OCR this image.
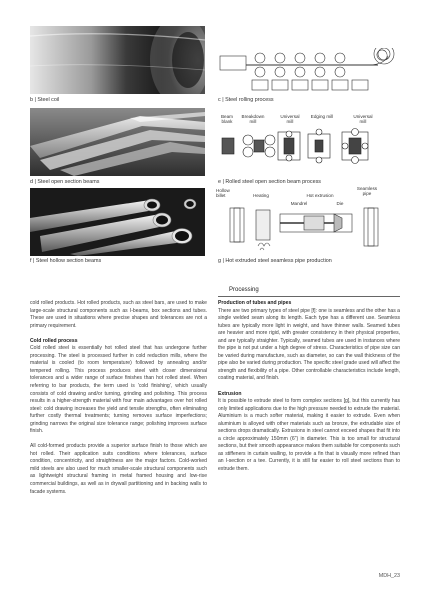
b | Steel coil
d | Steel open section beams
f | Steel hollow section beams
c | Steel rolling process
Beam blank
Breakdown mill
Universal mill
Edging mill	Universal mill
e | Rolled steel open section beam process
Hollow billet	Heating	Hot extrusion
Seamless pipe
Mandrel	Die
g | Hot extruded steel seamless pipe production
Processing

cold rolled products. Hot rolled products, such as steel bars, are used to make large-scale structural components such as I-beams, box sections and tubes. These are used in situations where precise shapes and tolerances are not a primary requirement.

Cold rolled process

Cold rolled steel is essentially hot rolled steel that has undergone further processing. The steel is processed further in cold reduction mills, where the material is cooled (to room temperature) followed by annealing and/or tempered rolling. This process produces steel with closer dimensional tolerances and a wider range of surface finishes than hot rolled steel. When referring to bar products, the term used is 'cold finishing', which usually consists of cold drawing and/or turning, grinding and polishing. This process results in a higher-strength material with four main advantages over hot rolled steel: cold drawing increases the yield and tensile strengths, often eliminating further costly thermal treatments; turning removes surface imperfections; grinding narrows the original size tolerance range; polishing improves surface finish.

All cold-formed products provide a superior surface finish to those which are hot rolled. Their application suits conditions where tolerances, surface condition, concentricity, and straightness are the major factors. Cold-worked mild steels are also used for much smaller-scale structural components such as lightweight structural framing in metal framed housing and low-rise commercial buildings, as well as in drywall partitioning and in backing walls to facade systems.

Production of tubes and pipes

There are two primary types of steel pipe [f]: one is seamless and the other has a single welded seam along its length. Each type has a different use. Seamless tubes are typically more light in weight, and have thinner walls. Seamed tubes are heavier and more rigid, with greater consistency in their physical properties, and are typically straighter. Typically, seamed tubes are used in instances where the pipe is not put under a high degree of stress. Characteristics of pipe size can be varied during manufacture, such as diameter, so can the wall thickness of the pipe also be varied during production. The specific steel grade used will affect the strength and flexibility of a pipe. Other controllable characteristics include length, coating material, and finish.

Extrusion

It is possible to extrude steel to form complex sections [g], but this currently has only limited applications due to the high pressure needed to extrude the material. Aluminium is a much softer material, making it easier to extrude. Even when aluminium is alloyed with other materials such as bronze, the extrudable size of sections drops dramatically. Extrusions in steel cannot exceed shapes that fit into a circle approximately 150mm (6") in diameter. This is too small for structural sections, but their smooth appearance makes them suitable for components such as stiffeners in curtain walling, to provide a fin that is visually more refined than an I-section or a tee. Currently, it is still far easier to roll steel sections than to extrude them.

MDH_23
